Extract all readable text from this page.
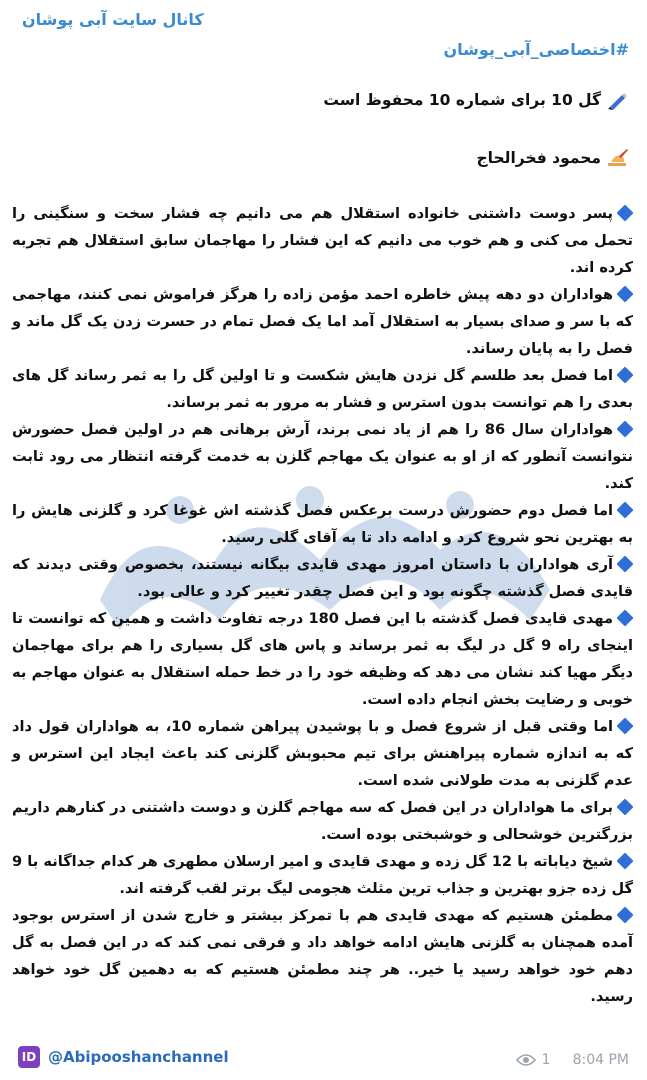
کانال سایت آبی پوشان
#اختصاصی_آبی_پوشان
گل 10 برای شماره 10 محفوظ است
محمود فخرالحاج

پسر دوست داشتنی خانواده استقلال هم می دانیم چه فشار سخت و سنگینی را تحمل می کنی و هم خوب می دانیم که این فشار را مهاجمان سابق استقلال هم تجربه کرده اند.

هواداران دو دهه پیش خاطره احمد مؤمن زاده را هرگز فراموش نمی کنند، مهاجمی که با سر و صدای بسیار به استقلال آمد اما یک فصل تمام در حسرت زدن یک گل ماند و فصل را به پایان رساند.

اما فصل بعد طلسم گل نزدن هایش شکست و تا اولین گل را به ثمر رساند گل های بعدی را هم توانست بدون استرس و فشار به مرور به ثمر برساند.

هواداران سال 86 را هم از یاد نمی برند، آرش برهانی هم در اولین فصل حضورش نتوانست آنطور که از او به عنوان یک مهاجم گلزن به خدمت گرفته انتظار می رود ثابت کند.

اما فصل دوم حضورش درست برعکس فصل گذشته اش غوغا کرد و گلزنی هایش را به بهترین نحو شروع کرد و ادامه داد تا به آقای گلی رسید.

آری هواداران با داستان امروز مهدی قایدی بیگانه نیستند، بخصوص وقتی دیدند که قایدی فصل گذشته چگونه بود و این فصل چقدر تغییر کرد و عالی بود.

مهدی قایدی فصل گذشته با این فصل 180 درجه تفاوت داشت و همین که توانست تا اینجای راه 9 گل در لیگ به ثمر برساند و پاس های گل بسیاری را هم برای مهاجمان دیگر مهیا کند نشان می دهد که وظیفه خود را در خط حمله استقلال به عنوان مهاجم به خوبی و رضایت بخش انجام داده است.

اما وقتی قبل از شروع فصل و با پوشیدن پیراهن شماره 10، به هواداران قول داد که به اندازه شماره پیراهنش برای تیم محبوبش گلزنی کند باعث ایجاد این استرس و عدم گلزنی به مدت طولانی شده است.

برای ما هواداران در این فصل که سه مهاجم گلزن و دوست داشتنی در کنارهم داریم بزرگترین خوشحالی و خوشبختی بوده است.

شیخ دیاباته با 12 گل زده و مهدی قایدی و امیر ارسلان مطهری هر کدام جداگانه با 9 گل زده جزو بهترین و جذاب ترین مثلث هجومی لیگ برتر لقب گرفته اند.

مطمئن هستیم که مهدی قایدی هم با تمرکز بیشتر و خارج شدن از استرس بوجود آمده همچنان به گلزنی هایش ادامه خواهد داد و فرقی نمی کند که در این فصل به گل دهم خود خواهد رسید یا خیر.. هر چند مطمئن هستیم که به دهمین گل خود خواهد رسید.

ID @Abipooshanchannel	1 8:04 PM
